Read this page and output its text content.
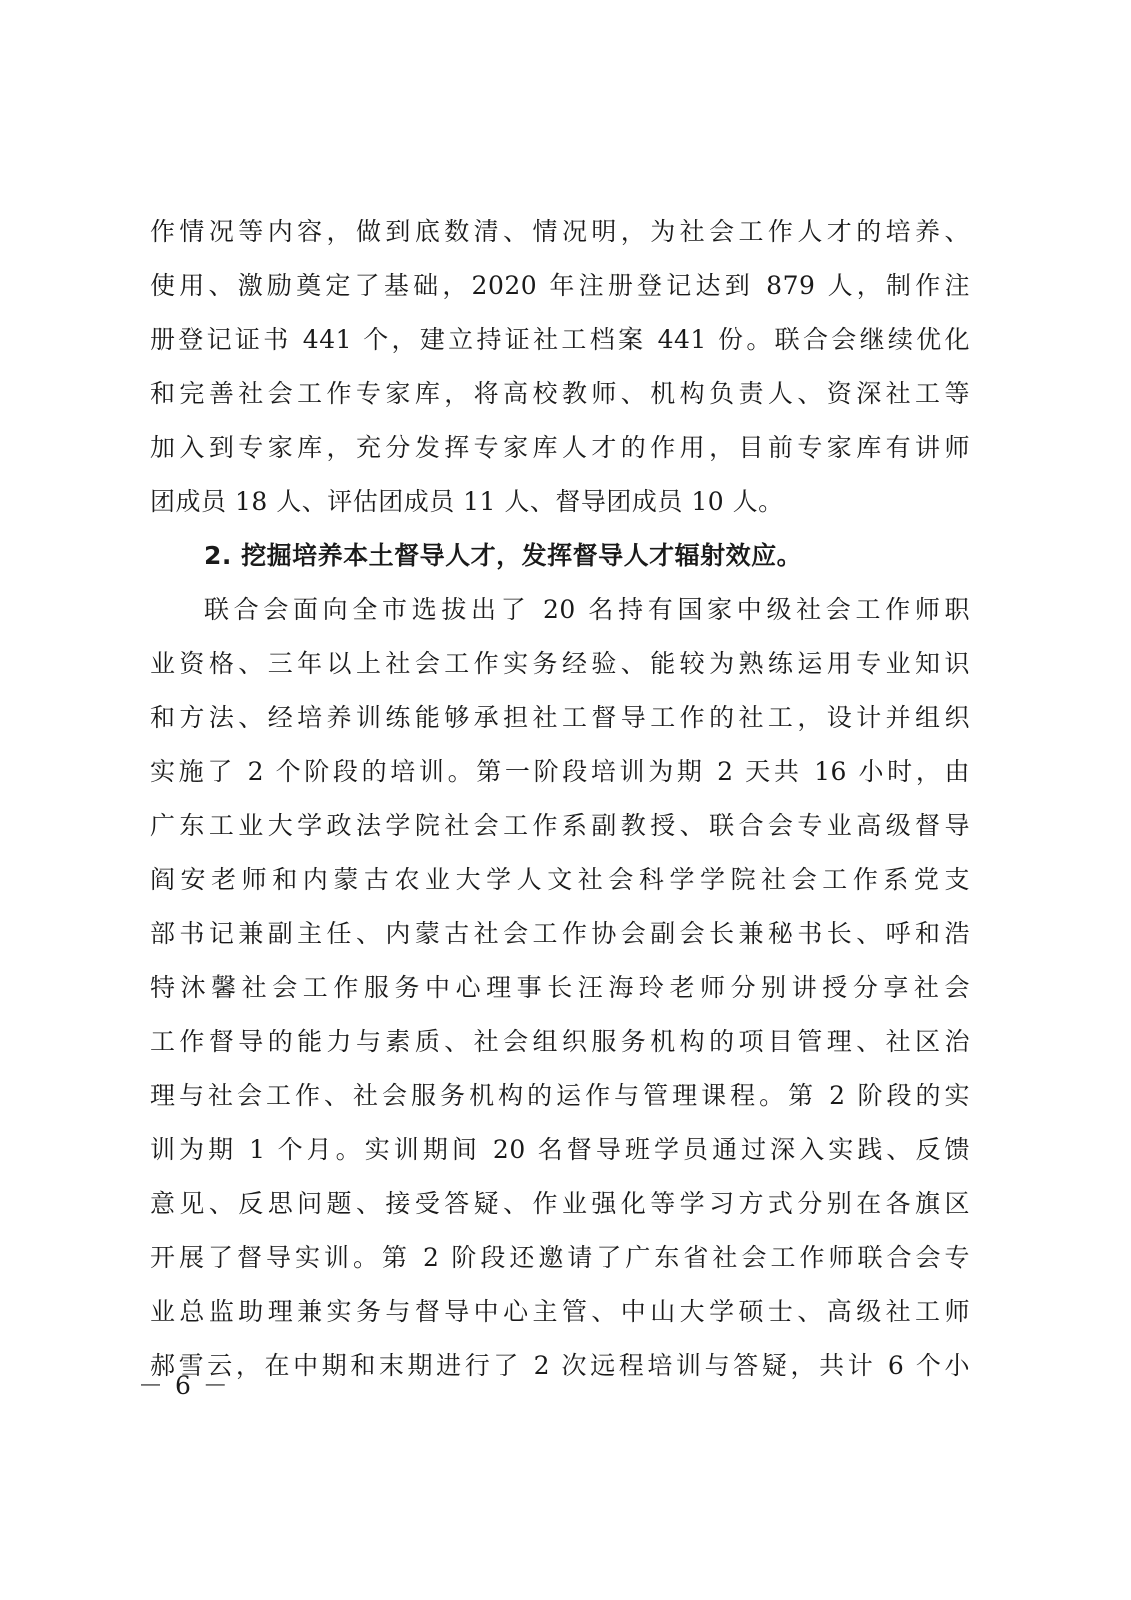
作情况等内容，做到底数清、情况明，为社会工作人才的培养、
使用、激励奠定了基础，2020 年注册登记达到 879 人，制作注
册登记证书 441 个，建立持证社工档案 441 份。联合会继续优化
和完善社会工作专家库，将高校教师、机构负责人、资深社工等
加入到专家库，充分发挥专家库人才的作用，目前专家库有讲师
团成员 18 人、评估团成员 11 人、督导团成员 10 人。
2. 挖掘培养本土督导人才，发挥督导人才辐射效应。
联合会面向全市选拔出了 20 名持有国家中级社会工作师职
业资格、三年以上社会工作实务经验、能较为熟练运用专业知识
和方法、经培养训练能够承担社工督导工作的社工，设计并组织
实施了 2 个阶段的培训。第一阶段培训为期 2 天共 16 小时，由
广东工业大学政法学院社会工作系副教授、联合会专业高级督导
阎安老师和内蒙古农业大学人文社会科学学院社会工作系党支
部书记兼副主任、内蒙古社会工作协会副会长兼秘书长、呼和浩
特沐馨社会工作服务中心理事长汪海玲老师分别讲授分享社会
工作督导的能力与素质、社会组织服务机构的项目管理、社区治
理与社会工作、社会服务机构的运作与管理课程。第 2 阶段的实
训为期 1 个月。实训期间 20 名督导班学员通过深入实践、反馈
意见、反思问题、接受答疑、作业强化等学习方式分别在各旗区
开展了督导实训。第 2 阶段还邀请了广东省社会工作师联合会专
业总监助理兼实务与督导中心主管、中山大学硕士、高级社工师
郝雪云，在中期和末期进行了 2 次远程培训与答疑，共计 6 个小
－ 6 －
